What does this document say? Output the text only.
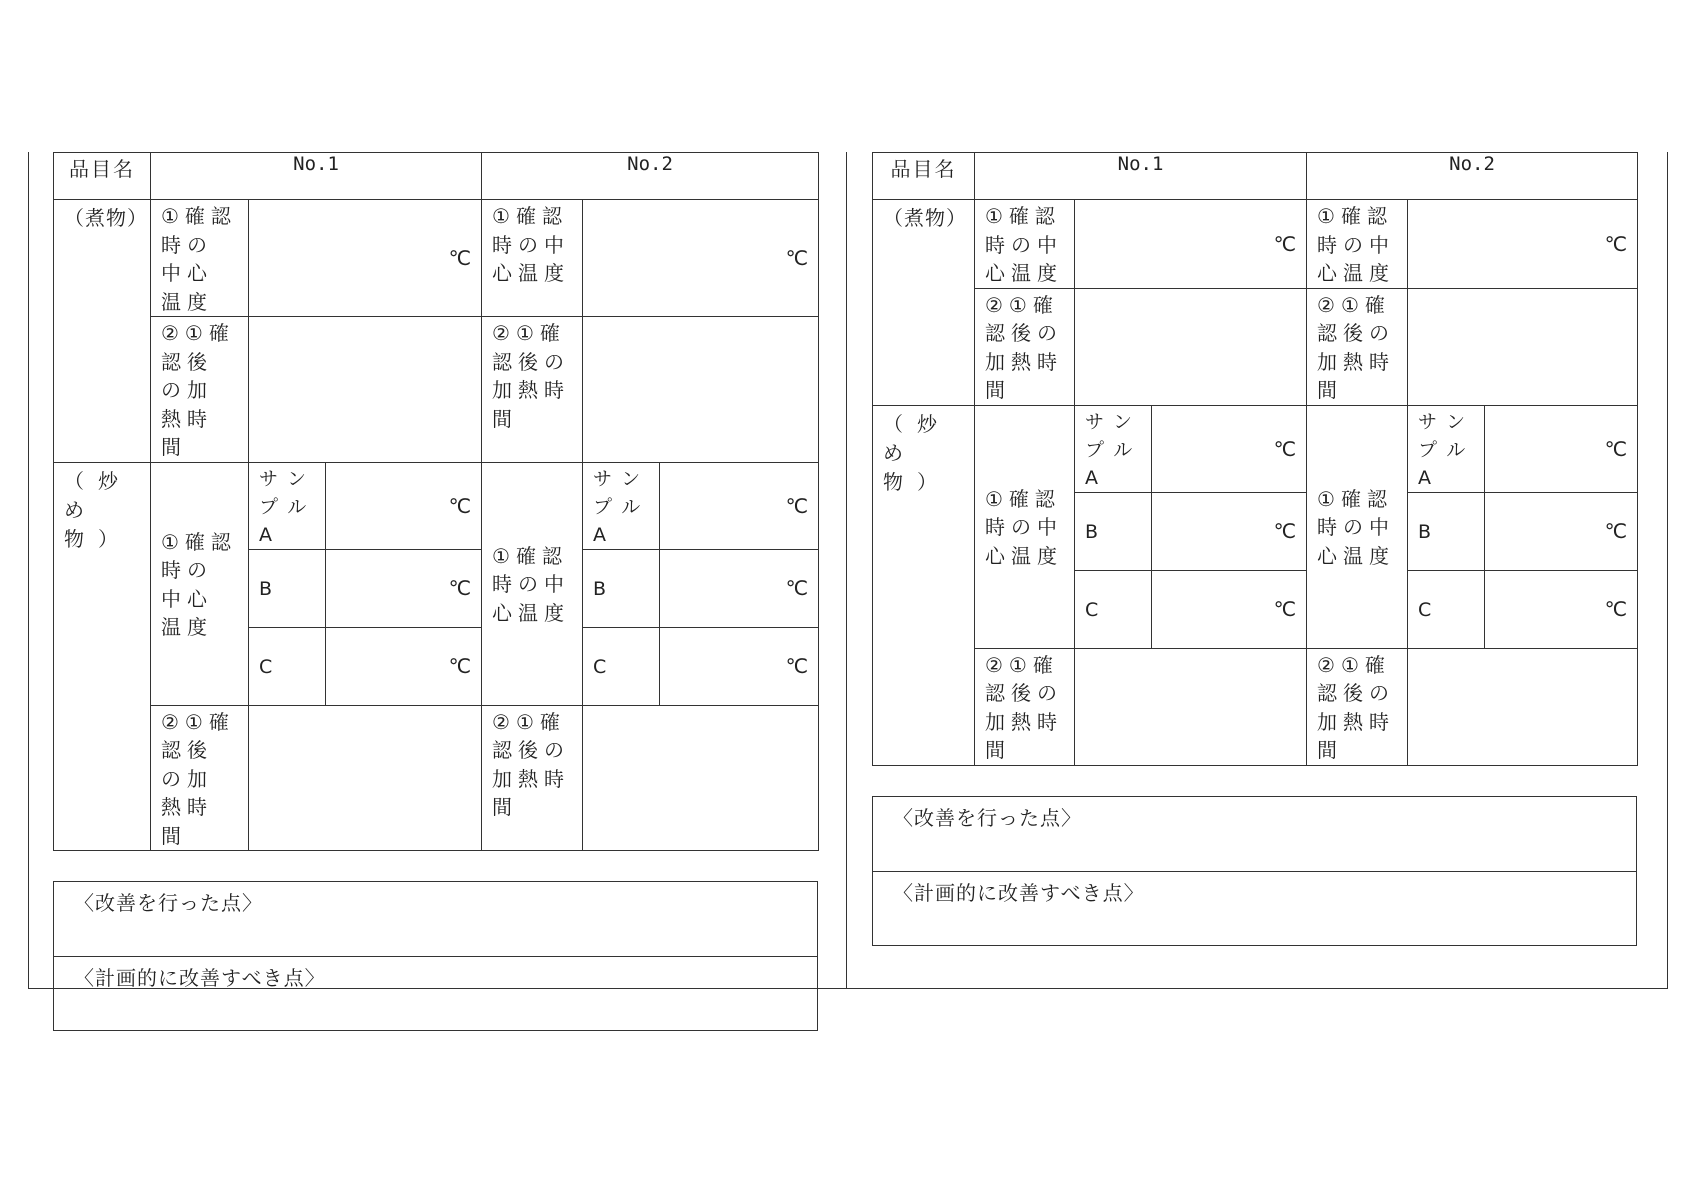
品目名	No.1			No.2		
（煮物）	①確認時の中心温度	℃		①確認時の中心温度	℃	
	②①確認後の加熱時間			②①確認後の加熱時間		
（炒め物）	①確認時の中心温度	サンプルA	℃	①確認時の中心温度	サンプルA	℃
		B	℃		B	℃
		C	℃		C	℃
	②①確認後の加熱時間			②①確認後の加熱時間		
〈改善を行った点〉
〈計画的に改善すべき点〉
品目名	No.1			No.2		
（煮物）	①確認時の中心温度	℃		①確認時の中心温度	℃	
	②①確認後の加熱時間			②①確認後の加熱時間		
（炒め物）	①確認時の中心温度	サンプルA	℃	①確認時の中心温度	サンプルA	℃
		B	℃		B	℃
		C	℃		C	℃
	②①確認後の加熱時間			②①確認後の加熱時間		
〈改善を行った点〉
〈計画的に改善すべき点〉
